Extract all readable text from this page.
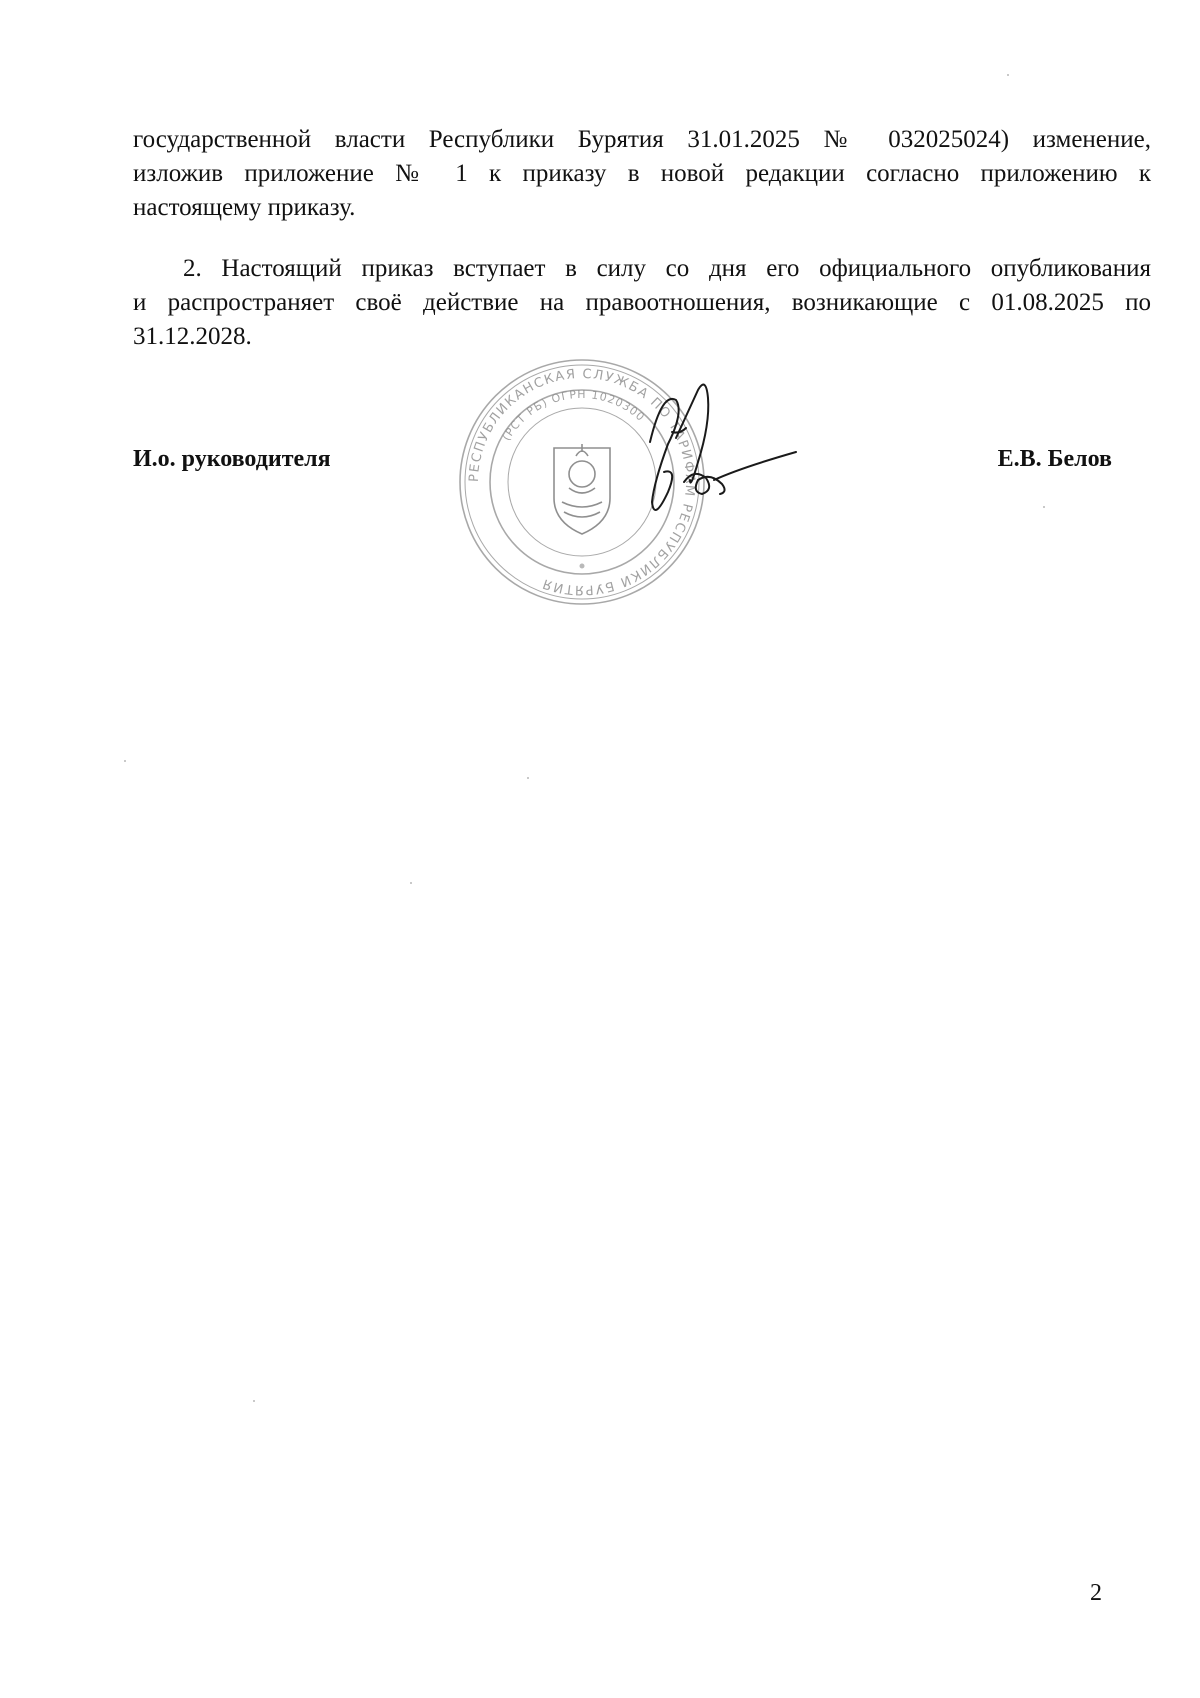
государственной власти Республики Бурятия 31.01.2025 № 032025024) изменение,
изложив приложение № 1 к приказу в новой редакции согласно приложению к
настоящему приказу.
2. Настоящий приказ вступает в силу со дня его официального опубликования
и распространяет своё действие на правоотношения, возникающие с 01.08.2025 по
31.12.2028.
И.о. руководителя	Е.В. Белов
РЕСПУБЛИКАНСКАЯ СЛУЖБА ПО ТАРИФАМ РЕСПУБЛИКИ БУРЯТИЯ
(РСТ РБ) ОГРН 1020300
2
